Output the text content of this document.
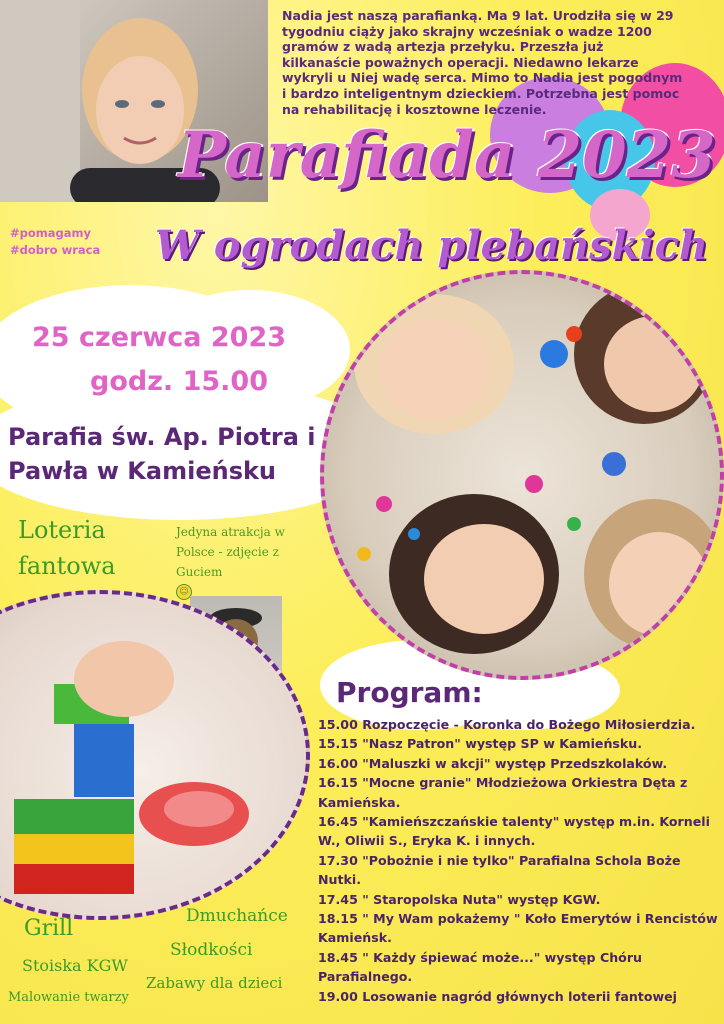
Nadia jest naszą parafianką. Ma 9 lat. Urodziła się w 29 tygodniu ciąży jako skrajny wcześniak o wadze 1200 gramów z wadą artezja przełyku. Przeszła już kilkanaście poważnych operacji. Niedawno lekarze wykryli u Niej wadę serca. Mimo to Nadia jest pogodnym i bardzo inteligentnym dzieckiem. Potrzebna jest pomoc na rehabilitację i kosztowne leczenie.
Parafiada 2023
W ogrodach plebańskich
#pomagamy
#dobro wraca
25 czerwca 2023
godz. 15.00
Parafia św. Ap. Piotra i Pawła w Kamieńsku
Loteria
fantowa
Jedyna atrakcja w Polsce - zdjęcie z Guciem
☺
Program:
15.00 Rozpoczęcie - Koronka do Bożego Miłosierdzia.
15.15 "Nasz Patron" występ SP w Kamieńsku.
16.00 "Maluszki w akcji" występ Przedszkolaków.
16.15 "Mocne granie" Młodzieżowa Orkiestra Dęta z Kamieńska.
16.45 "Kamieńszczańskie talenty" występ m.in. Korneli W., Oliwii S., Eryka K. i innych.
17.30 "Pobożnie i nie tylko" Parafialna Schola Boże Nutki.
17.45 " Staropolska Nuta" występ KGW.
18.15 " My Wam pokażemy " Koło Emerytów i Rencistów Kamieńsk.
18.45 " Każdy śpiewać może..." występ Chóru Parafialnego.
19.00 Losowanie nagród głównych loterii fantowej
Grill	Dmuchańce
Słodkości
Stoiska KGW
Zabawy dla dzieci
Malowanie twarzy
